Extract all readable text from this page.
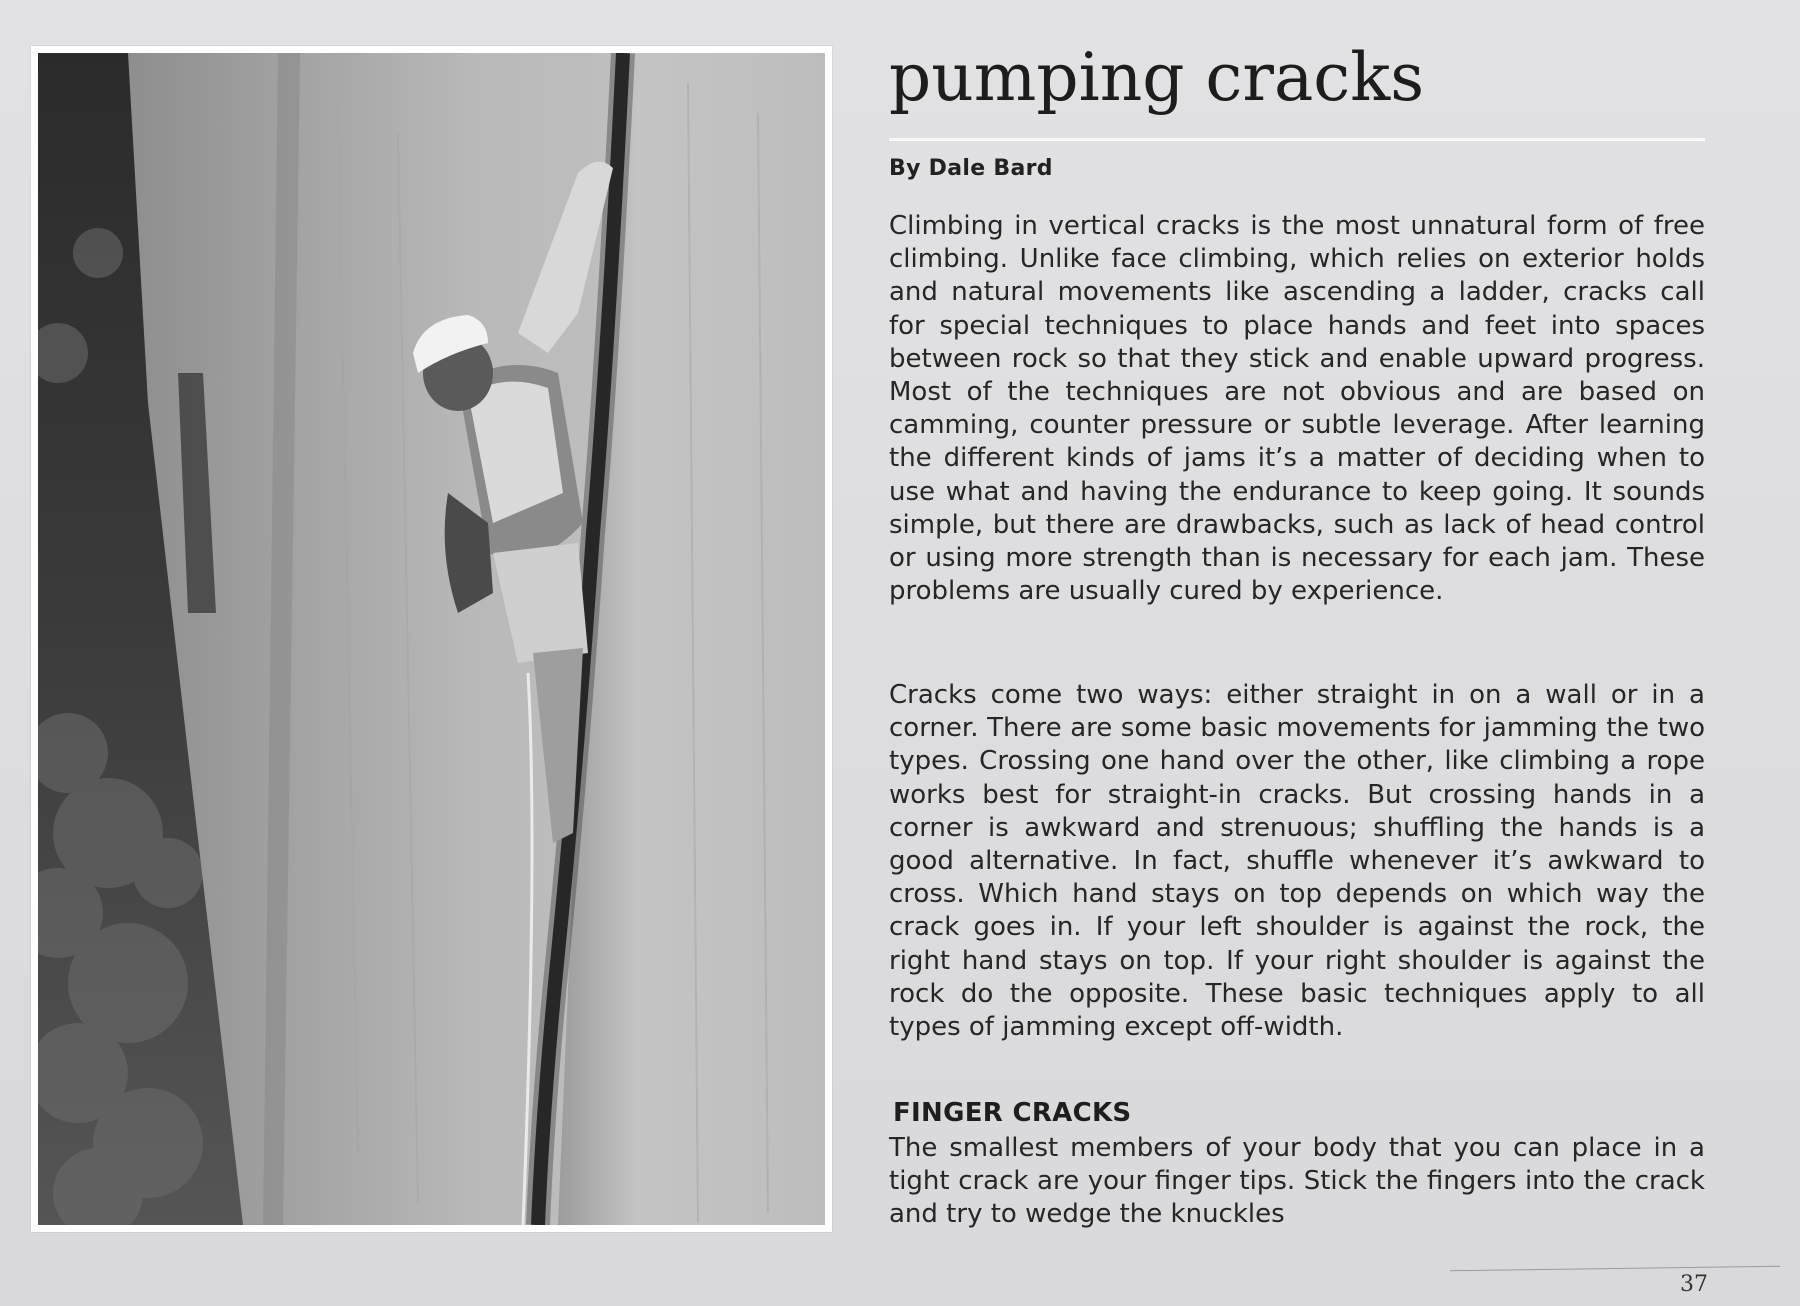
pumping cracks
By Dale Bard

Climbing in vertical cracks is the most unnatural form of free climbing. Unlike face climbing, which relies on exterior holds and natural movements like ascending a ladder, cracks call for special techniques to place hands and feet into spaces between rock so that they stick and enable upward progress. Most of the techniques are not obvious and are based on camming, counter pressure or subtle leverage. After learning the different kinds of jams it’s a matter of deciding when to use what and having the endurance to keep going. It sounds simple, but there are drawbacks, such as lack of head control or using more strength than is necessary for each jam. These problems are usually cured by experience.

Cracks come two ways: either straight in on a wall or in a corner. There are some basic movements for jamming the two types. Crossing one hand over the other, like climbing a rope works best for straight-in cracks. But crossing hands in a corner is awkward and strenuous; shuffling the hands is a good alternative. In fact, shuffle whenever it’s awkward to cross. Which hand stays on top depends on which way the crack goes in. If your left shoulder is against the rock, the right hand stays on top. If your right shoulder is against the rock do the opposite. These basic techniques apply to all types of jamming except off-width.

FINGER CRACKS

The smallest members of your body that you can place in a tight crack are your finger tips. Stick the fingers into the crack and try to wedge the knuckles

37
